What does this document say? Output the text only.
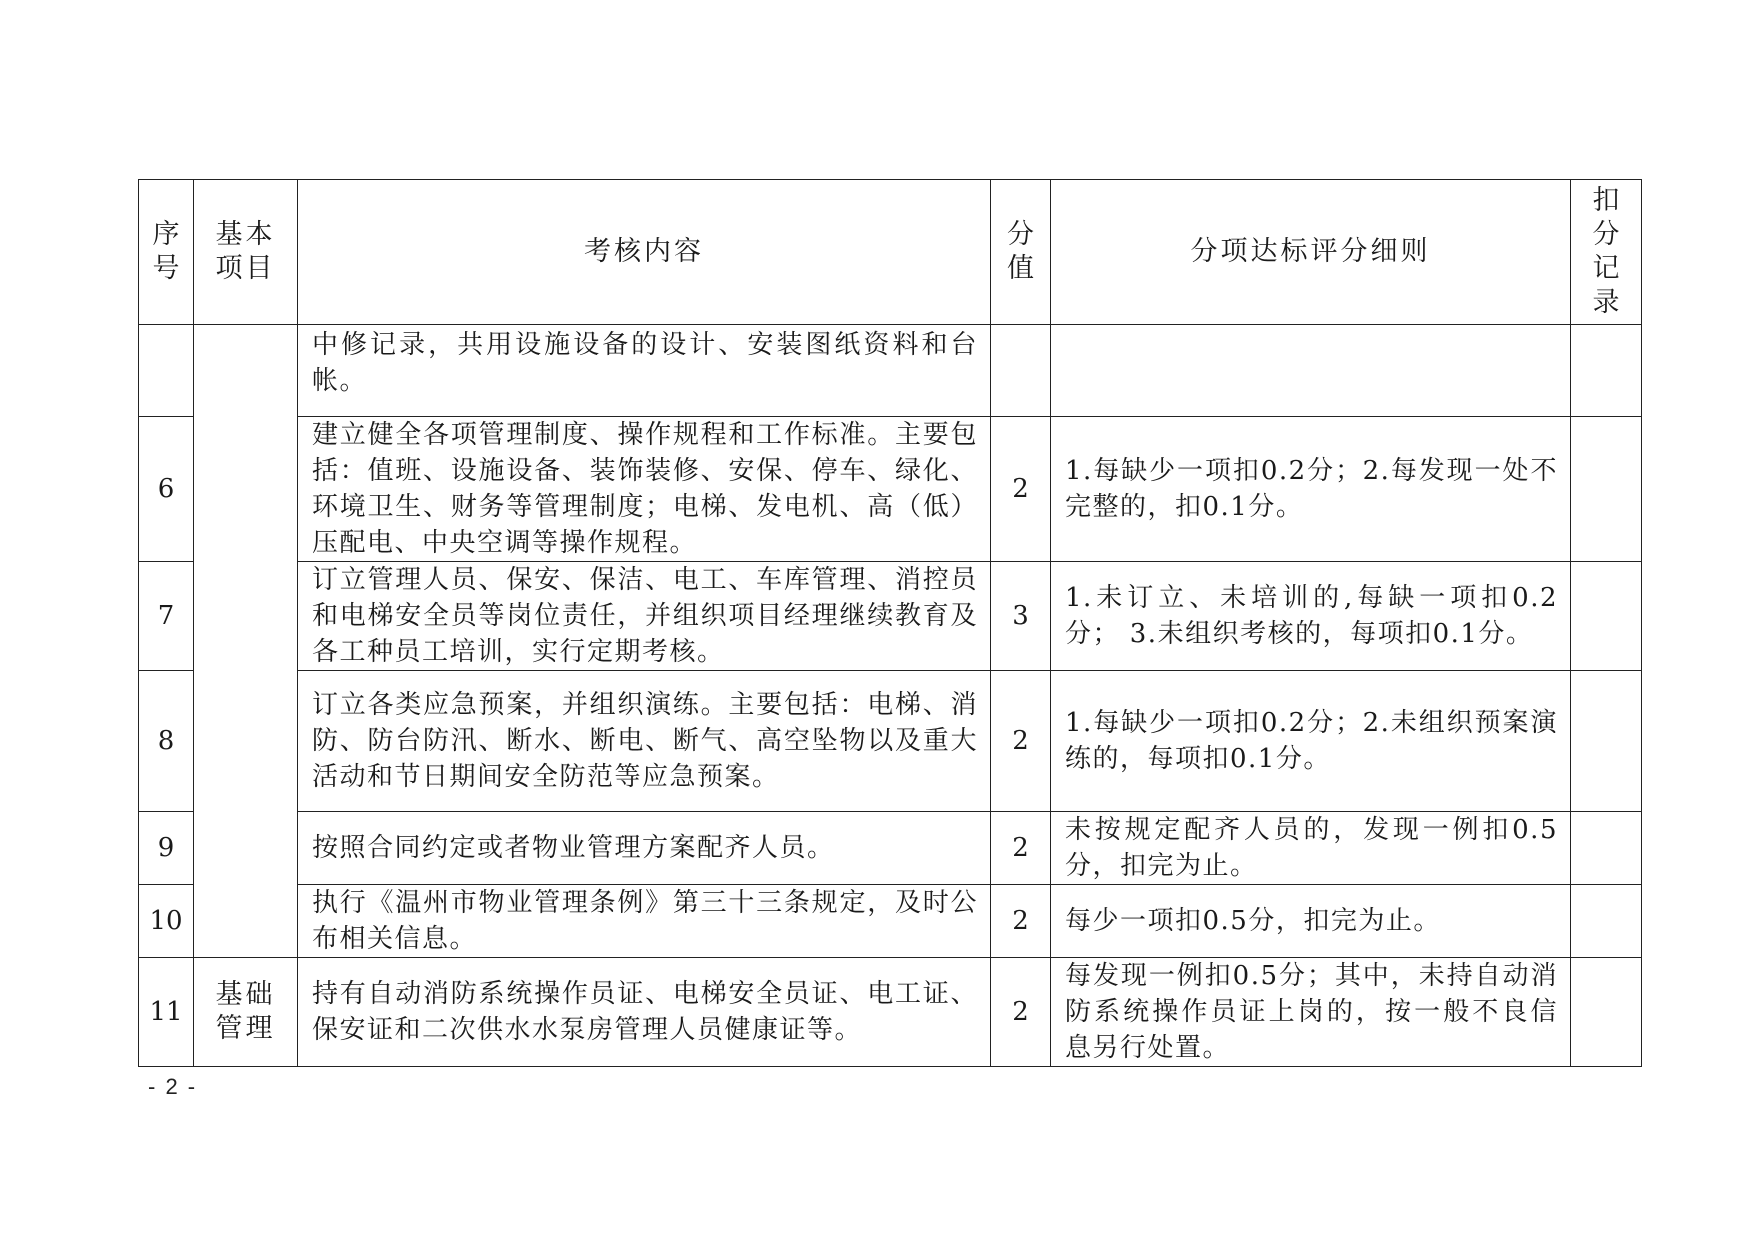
序号	基本项目	考核内容	分值	分项达标评分细则	扣分记录
		中修记录，共用设施设备的设计、安装图纸资料和台帐。			
6		建立健全各项管理制度、操作规程和工作标准。主要包括：值班、设施设备、装饰装修、安保、停车、绿化、环境卫生、财务等管理制度；电梯、发电机、高（低）压配电、中央空调等操作规程。	2	1.每缺少一项扣0.2分；2.每发现一处不完整的，扣0.1分。	
7		订立管理人员、保安、保洁、电工、车库管理、消控员和电梯安全员等岗位责任，并组织项目经理继续教育及各工种员工培训，实行定期考核。	3	1.未订立、未培训的,每缺一项扣0.2分； 3.未组织考核的，每项扣0.1分。	
8		订立各类应急预案，并组织演练。主要包括：电梯、消防、防台防汛、断水、断电、断气、高空坠物以及重大活动和节日期间安全防范等应急预案。	2	1.每缺少一项扣0.2分；2.未组织预案演练的，每项扣0.1分。	
9		按照合同约定或者物业管理方案配齐人员。	2	未按规定配齐人员的，发现一例扣0.5分，扣完为止。	
10		执行《温州市物业管理条例》第三十三条规定，及时公布相关信息。	2	每少一项扣0.5分，扣完为止。	
11	基础管理	持有自动消防系统操作员证、电梯安全员证、电工证、保安证和二次供水水泵房管理人员健康证等。	2	每发现一例扣0.5分；其中，未持自动消防系统操作员证上岗的，按一般不良信息另行处置。	
- 2 -
